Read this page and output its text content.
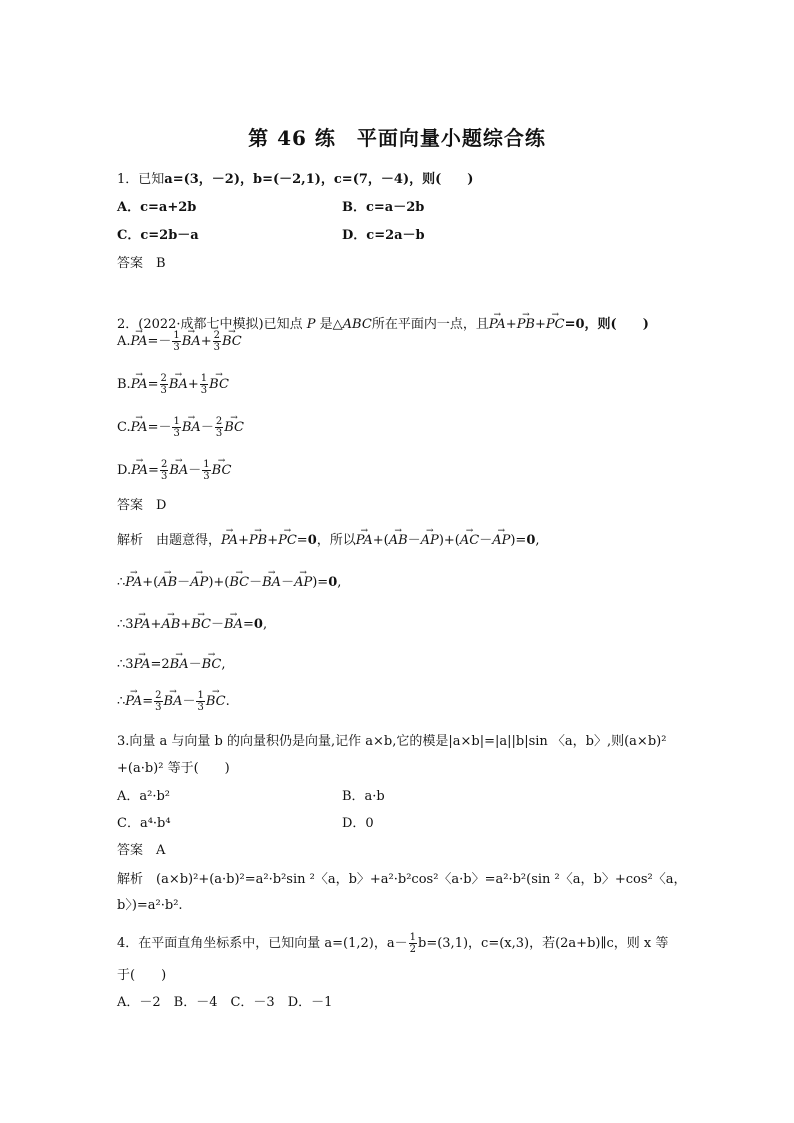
第 46 练　平面向量小题综合练
1．已知a=(3，－2)，b=(－2,1)，c=(7，－4)，则(　　)
A．c=a+2b	B．c=a－2b
C．c=2b－a	D．c=2a－b
答案　B
2．(2022·成都七中模拟)已知点 P 是△ABC所在平面内一点，且→ PA+→ PB+→ PC=0，则(　　)
$A.\to PA=- \frac{1}{3}$
→ $BA+ \frac{2}{3}$
→ BC
$B.\to PA= \frac{2}{3}$
→ $BA+ \frac{1}{3}$
→ BC
$C.\to PA=- \frac{1}{3}$
→ $BA- \frac{2}{3}$
→ BC
$D.\to PA= \frac{2}{3}$
→ $BA- \frac{1}{3}$
→ BC
答案　D
解析　由题意得，→ PA+→ PB+→ PC=0，所以→ PA+(→ AB－→ AP)+(→ AC－→ AP)=0,
∴→ PA+(→ AB－→ AP)+(→ BC－→ BA－→ AP)=0,
∴3→ PA+→ AB+→ BC－→ BA=0,
∴3→ PA=2→ BA－→ BC,
∴→ $PA= \frac{2}{3}$
→ $BA- \frac{1}{3}$
→ BC.
3.向量 a 与向量 b 的向量积仍是向量,记作 a×b,它的模是|a×b|=|a||b|sin 〈a，b〉,则(a×b)²
+(a·b)² 等于(　　)
A．a²·b²	B．a·b
C．a⁴·b⁴	D．0
答案　A
解析　(a×b)²+(a·b)²=a²·b²sin ²〈a，b〉+a²·b²cos²〈a·b〉=a²·b²(sin ²〈a，b〉+cos²〈a，
b〉)=a²·b².
4．在平面直角坐标系中，已知向量 a=(1,2)，$a- \frac{1}{2} b=(3,1)$，c=(x,3)，若(2a+b)∥c，则 x 等
于(　　)
A．－2　B．－4　C．－3　D．－1
